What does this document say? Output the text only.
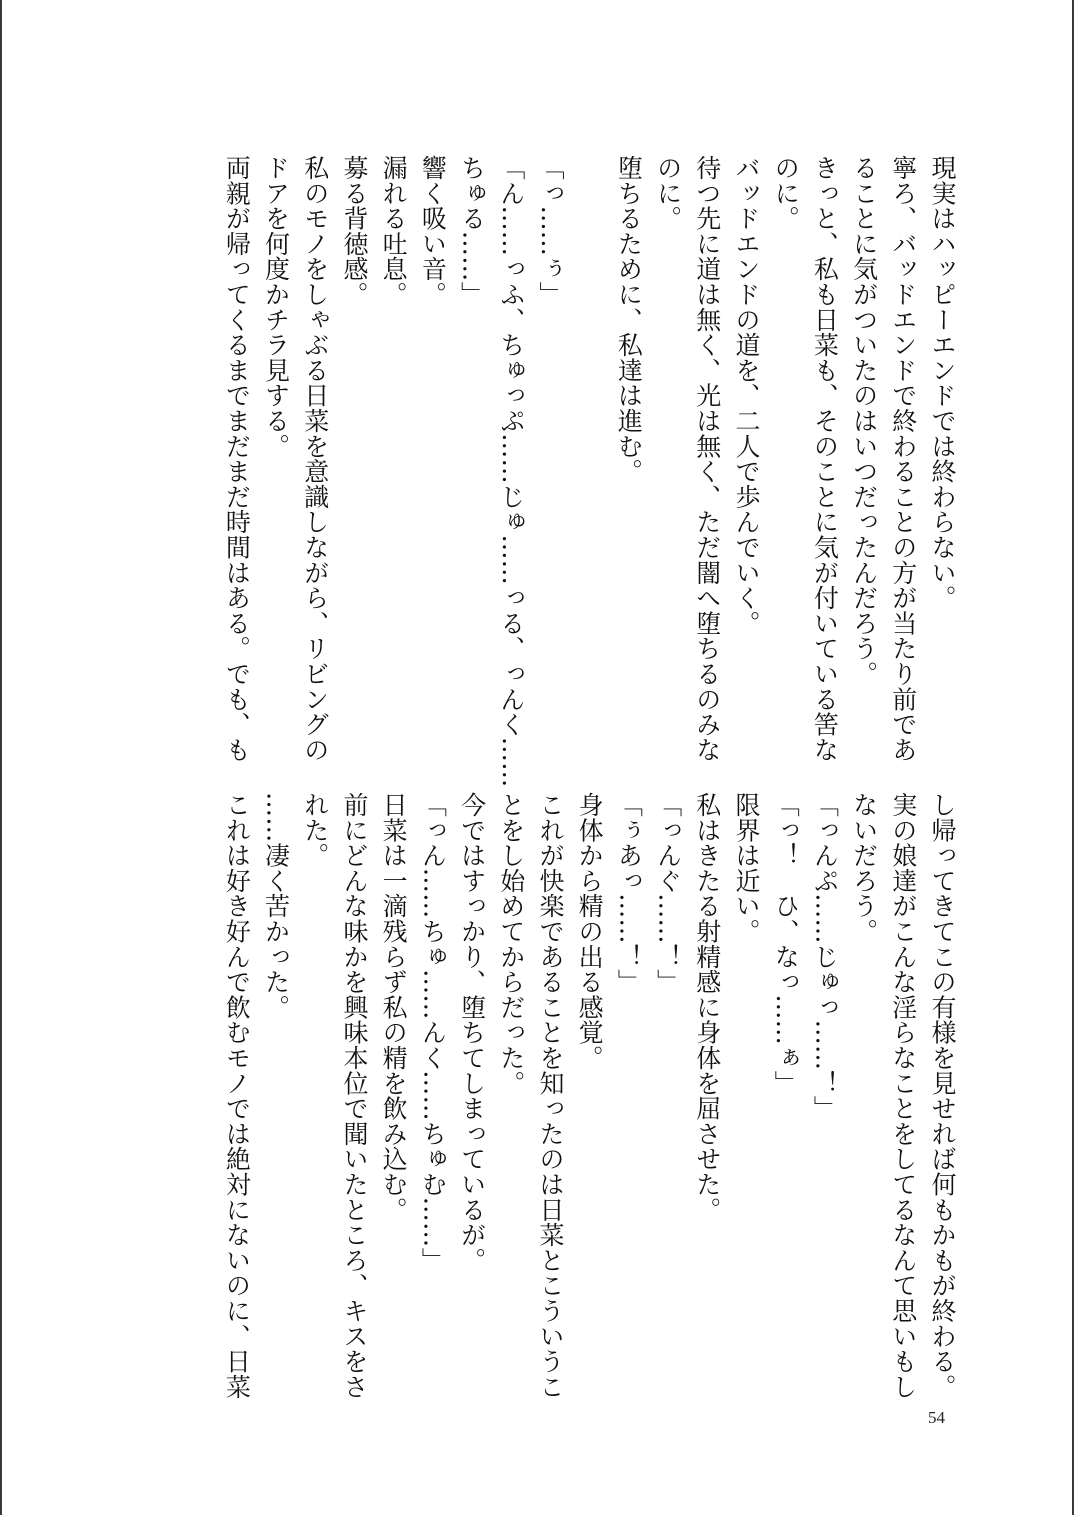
現実はハッピーエンドでは終わらない。
寧ろ、バッドエンドで終わることの方が当たり前であ
ることに気がついたのはいつだったんだろう。
きっと、私も日菜も、そのことに気が付いている筈な
のに。
バッドエンドの道を、二人で歩んでいく。
待つ先に道は無く、光は無く、ただ闇へ堕ちるのみな
のに。
堕ちるために、私達は進む。

「っ……ぅ」
「ん……っふ、ちゅっぷ……じゅ……っる、っんく……
ちゅる……」
響く吸い音。
漏れる吐息。
募る背徳感。
私のモノをしゃぶる日菜を意識しながら、リビングの
ドアを何度かチラ見する。
両親が帰ってくるまでまだまだ時間はある。でも、も
し帰ってきてこの有様を見せれば何もかもが終わる。
実の娘達がこんな淫らなことをしてるなんて思いもし
ないだろう。
「っんぷ……じゅっ……！」
「っ！　ひ、なっ……ぁ」
限界は近い。
私はきたる射精感に身体を屈させた。
「っんぐ……！」
「ぅあっ……！」
身体から精の出る感覚。
これが快楽であることを知ったのは日菜とこういうこ
とをし始めてからだった。
今ではすっかり、堕ちてしまっているが。
「っん……ちゅ……んく……ちゅむ……」
日菜は一滴残らず私の精を飲み込む。
前にどんな味かを興味本位で聞いたところ、キスをさ
れた。
……凄く苦かった。
これは好き好んで飲むモノでは絶対にないのに、日菜
54
